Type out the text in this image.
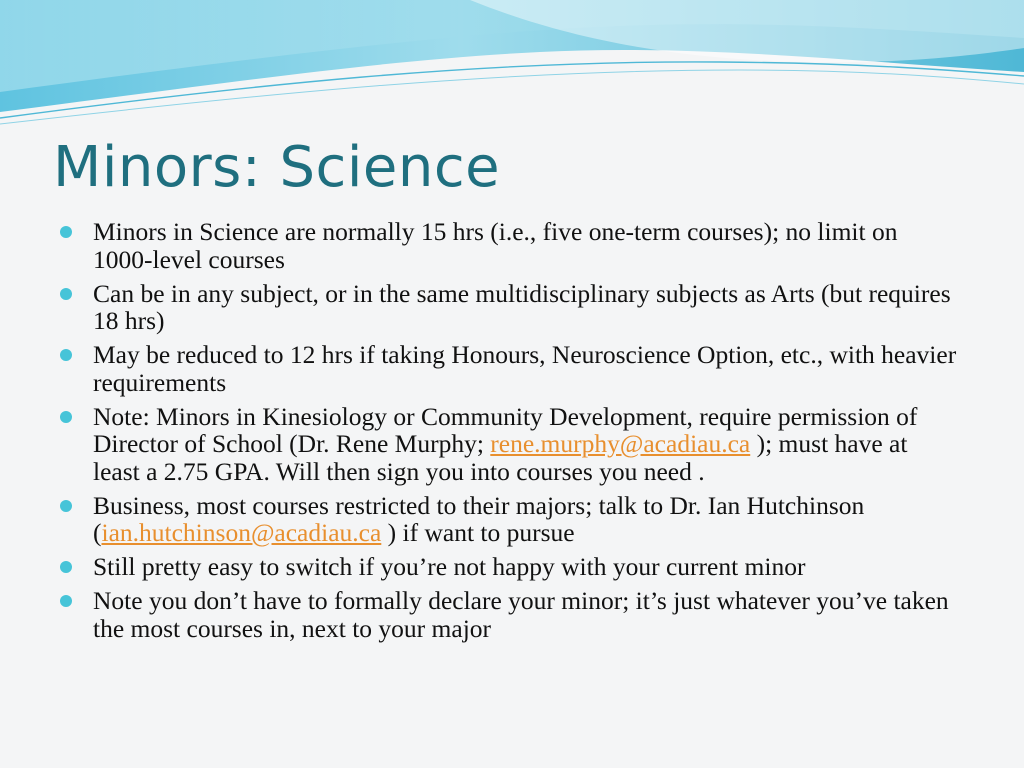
Minors: Science
Minors in Science are normally 15 hrs (i.e., five one-term courses); no limit on 1000-level courses
Can be in any subject, or in the same multidisciplinary subjects as Arts (but requires 18 hrs)
May be reduced to 12 hrs if taking Honours, Neuroscience Option, etc., with heavier requirements
Note: Minors in Kinesiology or Community Development, require permission of Director of School (Dr. Rene Murphy; rene.murphy@acadiau.ca ); must have at least a 2.75 GPA. Will then sign you into courses you need .
Business, most courses restricted to their majors; talk to Dr. Ian Hutchinson (ian.hutchinson@acadiau.ca ) if want to pursue
Still pretty easy to switch if you’re not happy with your current minor
Note you don’t have to formally declare your minor; it’s just whatever you’ve taken the most courses in, next to your major
